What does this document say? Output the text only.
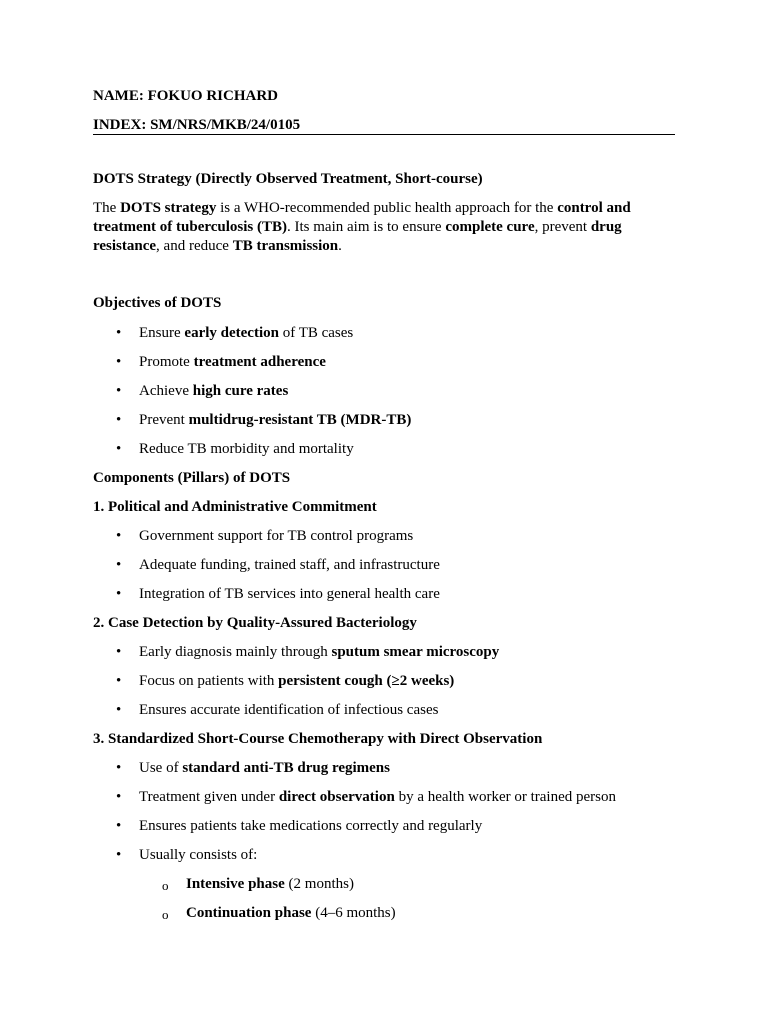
NAME: FOKUO RICHARD
INDEX: SM/NRS/MKB/24/0105
DOTS Strategy (Directly Observed Treatment, Short-course)
The DOTS strategy is a WHO-recommended public health approach for the control and
treatment of tuberculosis (TB). Its main aim is to ensure complete cure, prevent drug
resistance, and reduce TB transmission.
Objectives of DOTS
• Ensure early detection of TB cases
• Promote treatment adherence
• Achieve high cure rates
• Prevent multidrug-resistant TB (MDR-TB)
• Reduce TB morbidity and mortality
Components (Pillars) of DOTS
1. Political and Administrative Commitment
• Government support for TB control programs
• Adequate funding, trained staff, and infrastructure
• Integration of TB services into general health care
2. Case Detection by Quality-Assured Bacteriology
• Early diagnosis mainly through sputum smear microscopy
• Focus on patients with persistent cough (≥2 weeks)
• Ensures accurate identification of infectious cases
3. Standardized Short-Course Chemotherapy with Direct Observation
• Use of standard anti-TB drug regimens
• Treatment given under direct observation by a health worker or trained person
• Ensures patients take medications correctly and regularly
• Usually consists of:
o Intensive phase (2 months)
o Continuation phase (4–6 months)
